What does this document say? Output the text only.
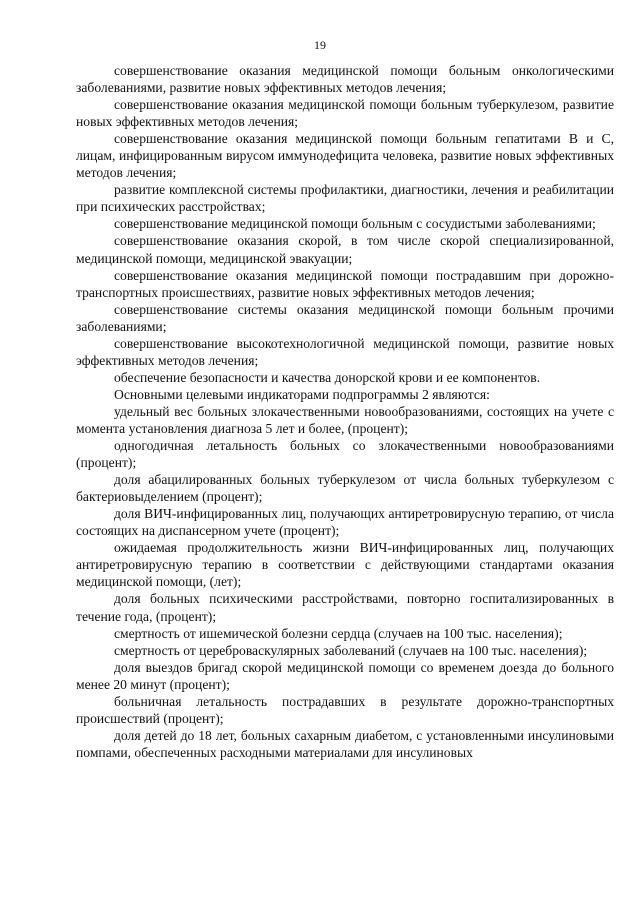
19

совершенствование оказания медицинской помощи больным онкологическими заболеваниями, развитие новых эффективных методов лечения;

совершенствование оказания медицинской помощи больным туберкулезом, развитие новых эффективных методов лечения;

совершенствование оказания медицинской помощи больным гепатитами B и C, лицам, инфицированным вирусом иммунодефицита человека, развитие новых эффективных методов лечения;

развитие комплексной системы профилактики, диагностики, лечения и реабилитации при психических расстройствах;

совершенствование медицинской помощи больным с сосудистыми заболеваниями;

совершенствование оказания скорой, в том числе скорой специализированной, медицинской помощи, медицинской эвакуации;

совершенствование оказания медицинской помощи пострадавшим при дорожно-транспортных происшествиях, развитие новых эффективных методов лечения;

совершенствование системы оказания медицинской помощи больным прочими заболеваниями;

совершенствование высокотехнологичной медицинской помощи, развитие новых эффективных методов лечения;

обеспечение безопасности и качества донорской крови и ее компонентов.

Основными целевыми индикаторами подпрограммы 2 являются:

удельный вес больных злокачественными новообразованиями, состоящих на учете с момента установления диагноза 5 лет и более, (процент);

одногодичная летальность больных со злокачественными новообразованиями (процент);

доля абацилированных больных туберкулезом от числа больных туберкулезом с бактериовыделением (процент);

доля ВИЧ-инфицированных лиц, получающих антиретровирусную терапию, от числа состоящих на диспансерном учете (процент);

ожидаемая продолжительность жизни ВИЧ-инфицированных лиц, получающих антиретровирусную терапию в соответствии с действующими стандартами оказания медицинской помощи, (лет);

доля больных психическими расстройствами, повторно госпитализированных в течение года, (процент);

смертность от ишемической болезни сердца (случаев на 100 тыс. населения);

смертность от цереброваскулярных заболеваний (случаев на 100 тыс. населения);

доля выездов бригад скорой медицинской помощи со временем доезда до больного менее 20 минут (процент);

больничная летальность пострадавших в результате дорожно-транспортных происшествий (процент);

доля детей до 18 лет, больных сахарным диабетом, с установленными инсулиновыми помпами, обеспеченных расходными материалами для инсулиновых
